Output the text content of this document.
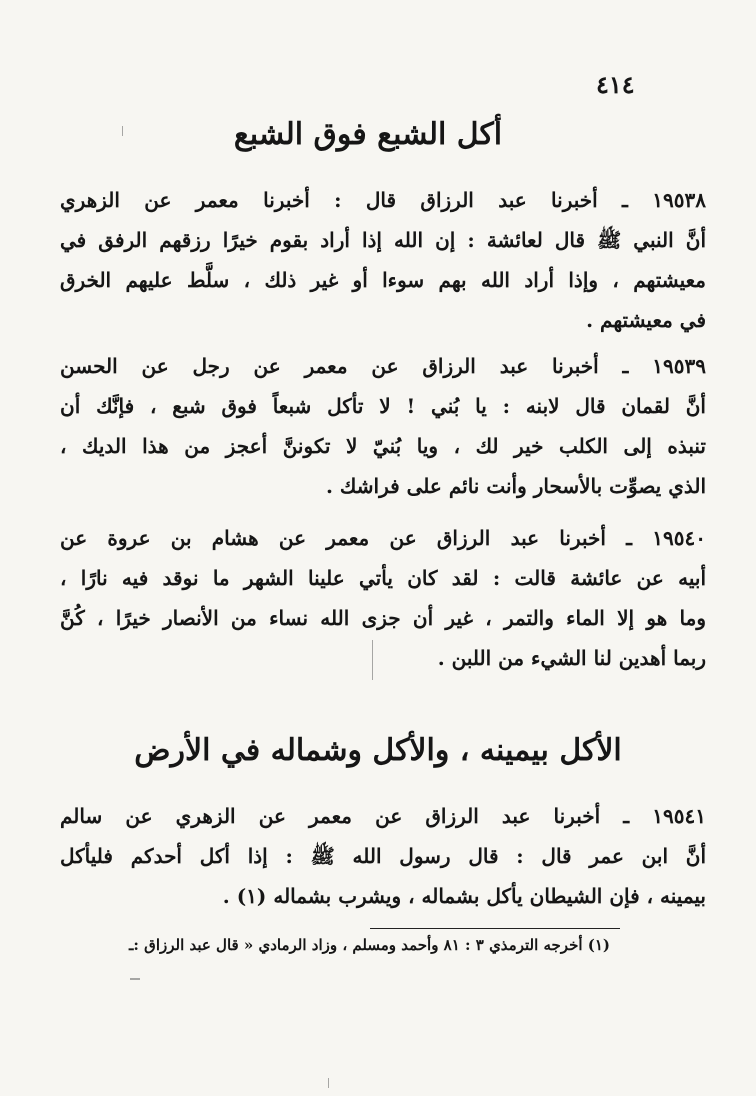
٤١٤
أكل الشبع فوق الشبع
١٩٥٣٨ ـ أخبرنا عبد الرزاق قال : أخبرنا معمر عن الزهري
أنَّ النبي ﷺ قال لعائشة : إن الله إذا أراد بقوم خيرًا رزقهم الرفق في
معيشتهم ، وإذا أراد الله بهم سوءا أو غير ذلك ، سلَّط عليهم الخرق
في معيشتهم .
١٩٥٣٩ ـ أخبرنا عبد الرزاق عن معمر عن رجل عن الحسن
أنَّ لقمان قال لابنه : يا بُني ! لا تأكل شبعاً فوق شبع ، فإنَّك أن
تنبذه إلى الكلب خير لك ، ويا بُنيّ لا تكوننَّ أعجز من هذا الديك ،
الذي يصوِّت بالأسحار وأنت نائم على فراشك .
١٩٥٤٠ ـ أخبرنا عبد الرزاق عن معمر عن هشام بن عروة عن
أبيه عن عائشة قالت : لقد كان يأتي علينا الشهر ما نوقد فيه نارًا ،
وما هو إلا الماء والتمر ، غير أن جزى الله نساء من الأنصار خيرًا ، كُنَّ
ربما أهدين لنا الشيء من اللبن .
الأكل بيمينه ، والأكل وشماله في الأرض
١٩٥٤١ ـ أخبرنا عبد الرزاق عن معمر عن الزهري عن سالم
أنَّ ابن عمر قال : قال رسول الله ﷺ : إذا أكل أحدكم فليأكل
بيمينه ، فإن الشيطان يأكل بشماله ، ويشرب بشماله (١) .
(١) أخرجه الترمذي ٣ : ٨١ وأحمد ومسلم ، وزاد الرمادي « قال عبد الرزاق :ـ
